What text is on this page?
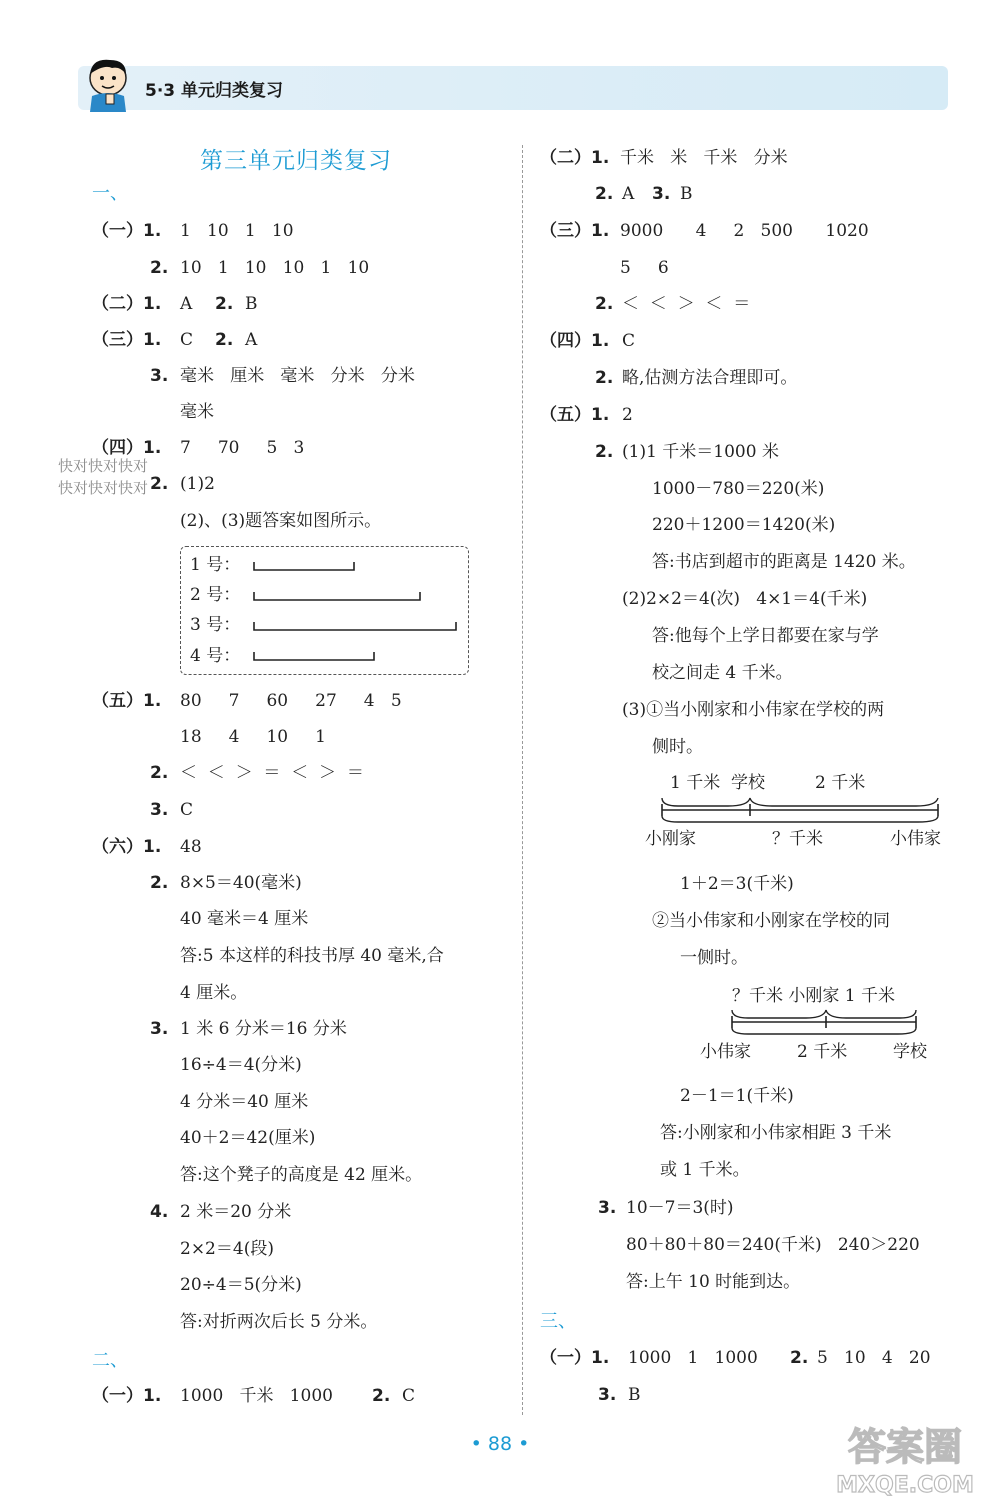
5·3 单元归类复习
第三单元归类复习
快对快对快对
快对快对快对
一、
（一）1. 1   10   1   10
2. 10   1   10   10   1   10
（二）1. A 2. B
（三）1. C 2. A
3. 毫米   厘米   毫米   分米   分米
毫米
（四）1. 7     70     5   3
2. (1)2
(2)、(3)题答案如图所示。
1 号：
2 号：
3 号：
4 号：
（五）1. 80     7     60     27     4   5
18     4     10     1
2. ＜  ＜  ＞  ＝  ＜  ＞  ＝
3. C
（六）1. 48
2. 8×5＝40(毫米)
40 毫米＝4 厘米
答:5 本这样的科技书厚 40 毫米,合
4 厘米。
3. 1 米 6 分米＝16 分米
16÷4＝4(分米)
4 分米＝40 厘米
40＋2＝42(厘米)
答:这个凳子的高度是 42 厘米。
4. 2 米＝20 分米
2×2＝4(段)
20÷4＝5(分米)
答:对折两次后长 5 分米。
二、
（一）1. 1000   千米   1000 2. C
（二）1. 千米   米   千米   分米
2. A 3. B
（三）1. 9000      4     2   500      1020
5     6
2. ＜  ＜  ＞  ＜  ＝
（四）1. C
2. 略,估测方法合理即可。
（五）1. 2
2. (1)1 千米＝1000 米
1000－780＝220(米)
220＋1200＝1420(米)
答:书店到超市的距离是 1420 米。
(2)2×2＝4(次)   4×1＝4(千米)
答:他每个上学日都要在家与学
校之间走 4 千米。
(3)①当小刚家和小伟家在学校的两
侧时。
1 千米  学校	2 千米
小刚家	？千米	小伟家
1＋2＝3(千米)
②当小伟家和小刚家在学校的同
一侧时。
？千米 小刚家 1 千米
小伟家	2 千米	学校
2－1＝1(千米)
答:小刚家和小伟家相距 3 千米
或 1 千米。
3. 10－7＝3(时)
80＋80＋80＝240(千米)   240＞220
答:上午 10 时能到达。
三、
（一）1. 1000   1   1000 2. 5   10   4   20
3. B
• 88 •	答案圈
MXQE.COM
